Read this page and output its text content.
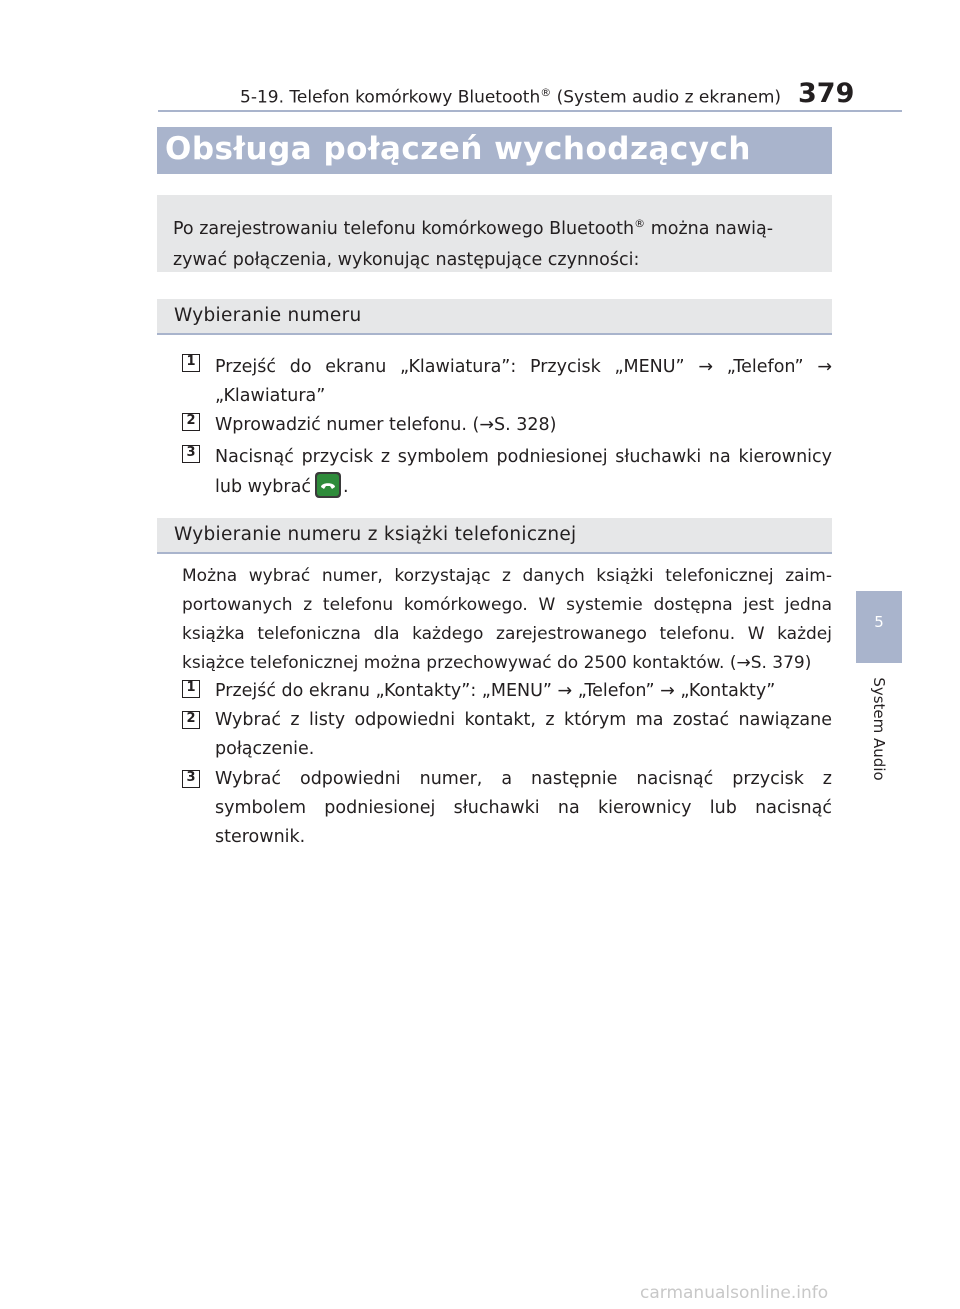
5-19. Telefon komórkowy Bluetooth® (System audio z ekranem) 379
5
System Audio
Obsługa połączeń wychodzących
Po zarejestrowaniu telefonu komórkowego Bluetooth® można nawiązywać połączenia, wykonując następujące czynności:
Wybieranie numeru
1 Przejść do ekranu „Klawiatura”: Przycisk „MENU” → „Telefon” → „Klawiatura”
2 Wprowadzić numer telefonu. (→S. 328)
3 Nacisnąć przycisk z symbolem podniesionej słuchawki na kierownicy lub wybrać .
Wybieranie numeru z książki telefonicznej
Można wybrać numer, korzystając z danych książki telefonicznej zaimportowanych z telefonu komórkowego. W systemie dostępna jest jedna książka telefoniczna dla każdego zarejestrowanego telefonu. W każdej książce telefonicznej można przechowywać do 2500 kontaktów. (→S. 379)
1 Przejść do ekranu „Kontakty”: „MENU” → „Telefon” → „Kontakty”
2 Wybrać z listy odpowiedni kontakt, z którym ma zostać nawiązane połączenie.
3 Wybrać odpowiedni numer, a następnie nacisnąć przycisk z symbolem podniesionej słuchawki na kierownicy lub nacisnąć sterownik.
carmanualsonline.info
